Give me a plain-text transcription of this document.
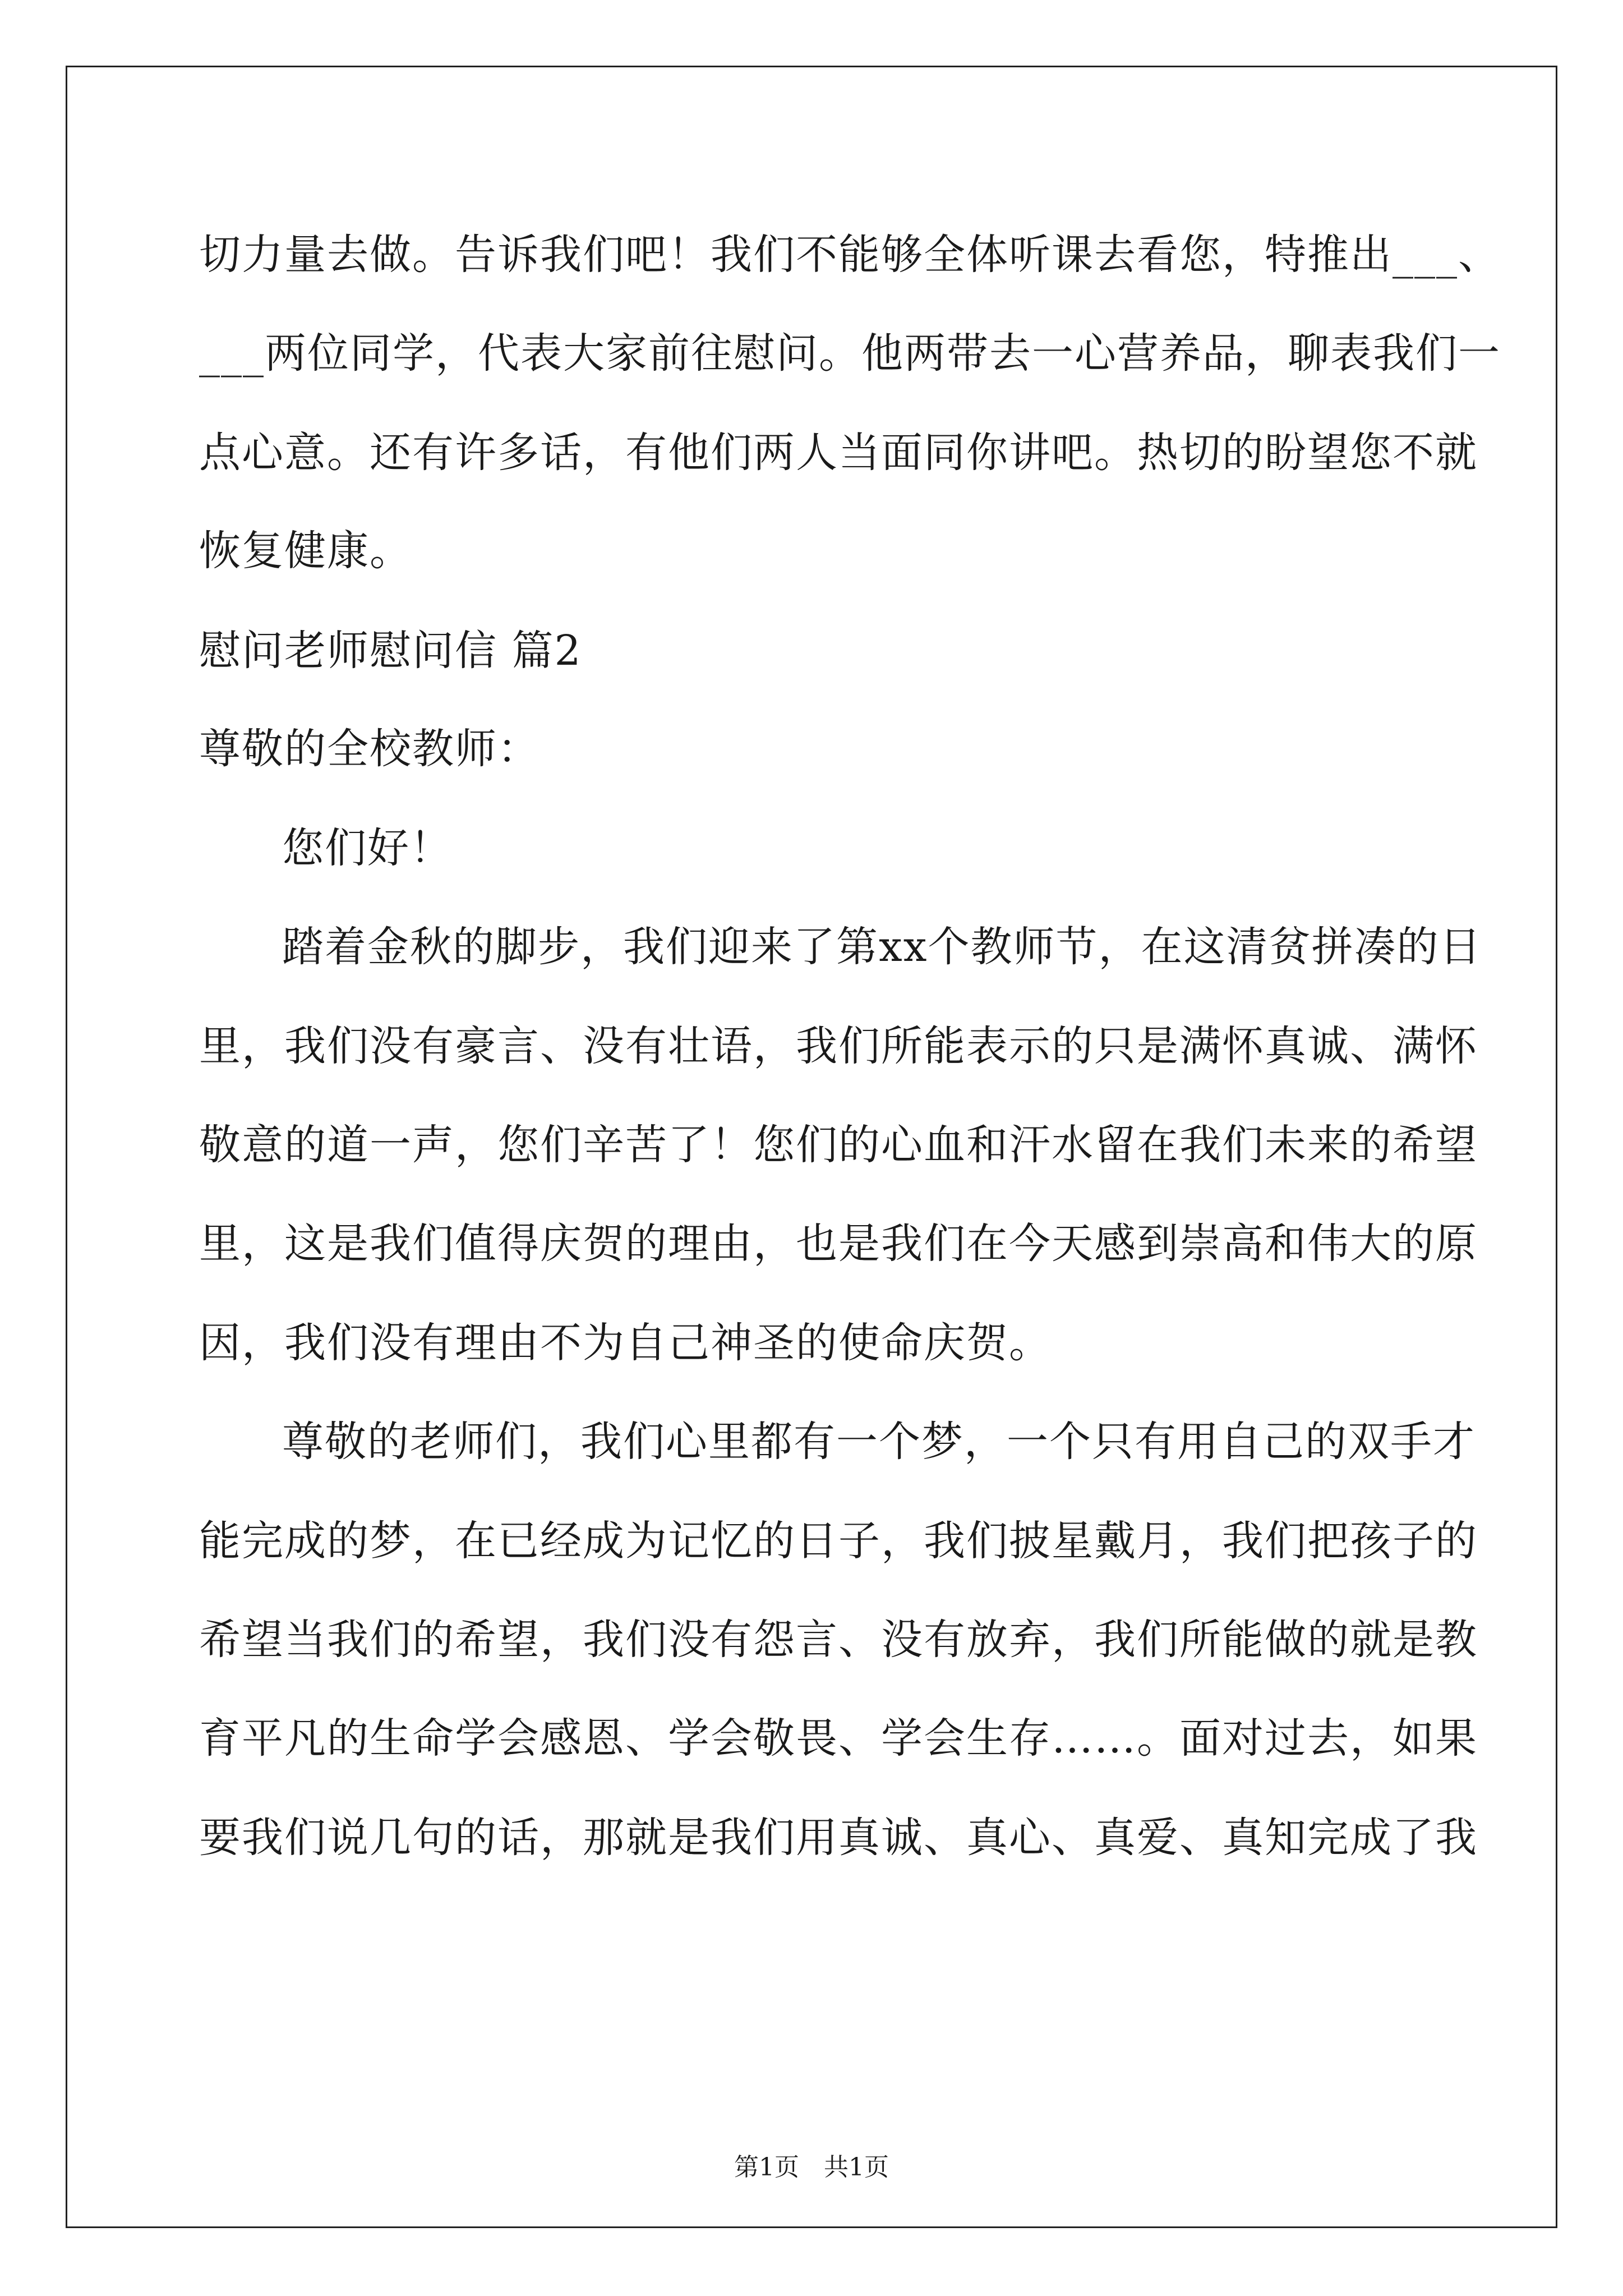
切力量去做。告诉我们吧！我们不能够全体听课去看您，特推出___、
___两位同学，代表大家前往慰问。他两带去一心营养品，聊表我们一
点心意。还有许多话，有他们两人当面同你讲吧。热切的盼望您不就
恢复健康。
慰问老师慰问信 篇2
尊敬的全校教师：
您们好！
踏着金秋的脚步，我们迎来了第xx个教师节，在这清贫拼凑的日
里，我们没有豪言、没有壮语，我们所能表示的只是满怀真诚、满怀
敬意的道一声，您们辛苦了！您们的心血和汗水留在我们未来的希望
里，这是我们值得庆贺的理由，也是我们在今天感到崇高和伟大的原
因，我们没有理由不为自己神圣的使命庆贺。
尊敬的老师们，我们心里都有一个梦，一个只有用自己的双手才
能完成的梦，在已经成为记忆的日子，我们披星戴月，我们把孩子的
希望当我们的希望，我们没有怨言、没有放弃，我们所能做的就是教
育平凡的生命学会感恩、学会敬畏、学会生存……。面对过去，如果
要我们说几句的话，那就是我们用真诚、真心、真爱、真知完成了我
第1页　共1页
